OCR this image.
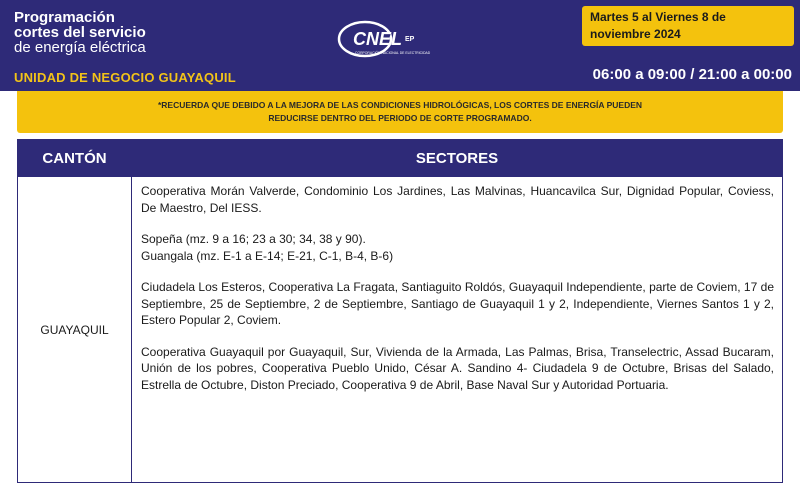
Programación
cortes del servicio
de energía eléctrica
UNIDAD DE NEGOCIO GUAYAQUIL
CNEL EP
CORPORACIÓN NACIONAL DE ELECTRICIDAD
Martes 5 al Viernes 8 de noviembre 2024
06:00 a 09:00 / 21:00 a 00:00
*RECUERDA QUE DEBIDO A LA MEJORA DE LAS CONDICIONES HIDROLÓGICAS, LOS CORTES DE ENERGÍA PUEDEN REDUCIRSE DENTRO DEL PERIODO DE CORTE PROGRAMADO.
CANTÓN	SECTORES
GUAYAQUIL	Cooperativa Morán Valverde, Condominio Los Jardines, Las Malvinas, Huancavilca Sur, Dignidad Popular, Coviess, De Maestro, Del IESS.

Sopeña (mz. 9 a 16; 23 a 30; 34, 38 y 90).

Guangala (mz. E-1 a E-14; E-21, C-1, B-4, B-6)

Ciudadela Los Esteros, Cooperativa La Fragata, Santiaguito Roldós, Guayaquil Independiente, parte de Coviem, 17 de Septiembre, 25 de Septiembre, 2 de Septiembre, Santiago de Guayaquil 1 y 2, Independiente, Viernes Santos 1 y 2, Estero Popular 2, Coviem.

Cooperativa Guayaquil por Guayaquil, Sur, Vivienda de la Armada, Las Palmas, Brisa, Transelectric, Assad Bucaram, Unión de los pobres, Cooperativa Pueblo Unido, César A. Sandino 4- Ciudadela 9 de Octubre, Brisas del Salado, Estrella de Octubre, Diston Preciado, Cooperativa 9 de Abril, Base Naval Sur y Autoridad Portuaria.
